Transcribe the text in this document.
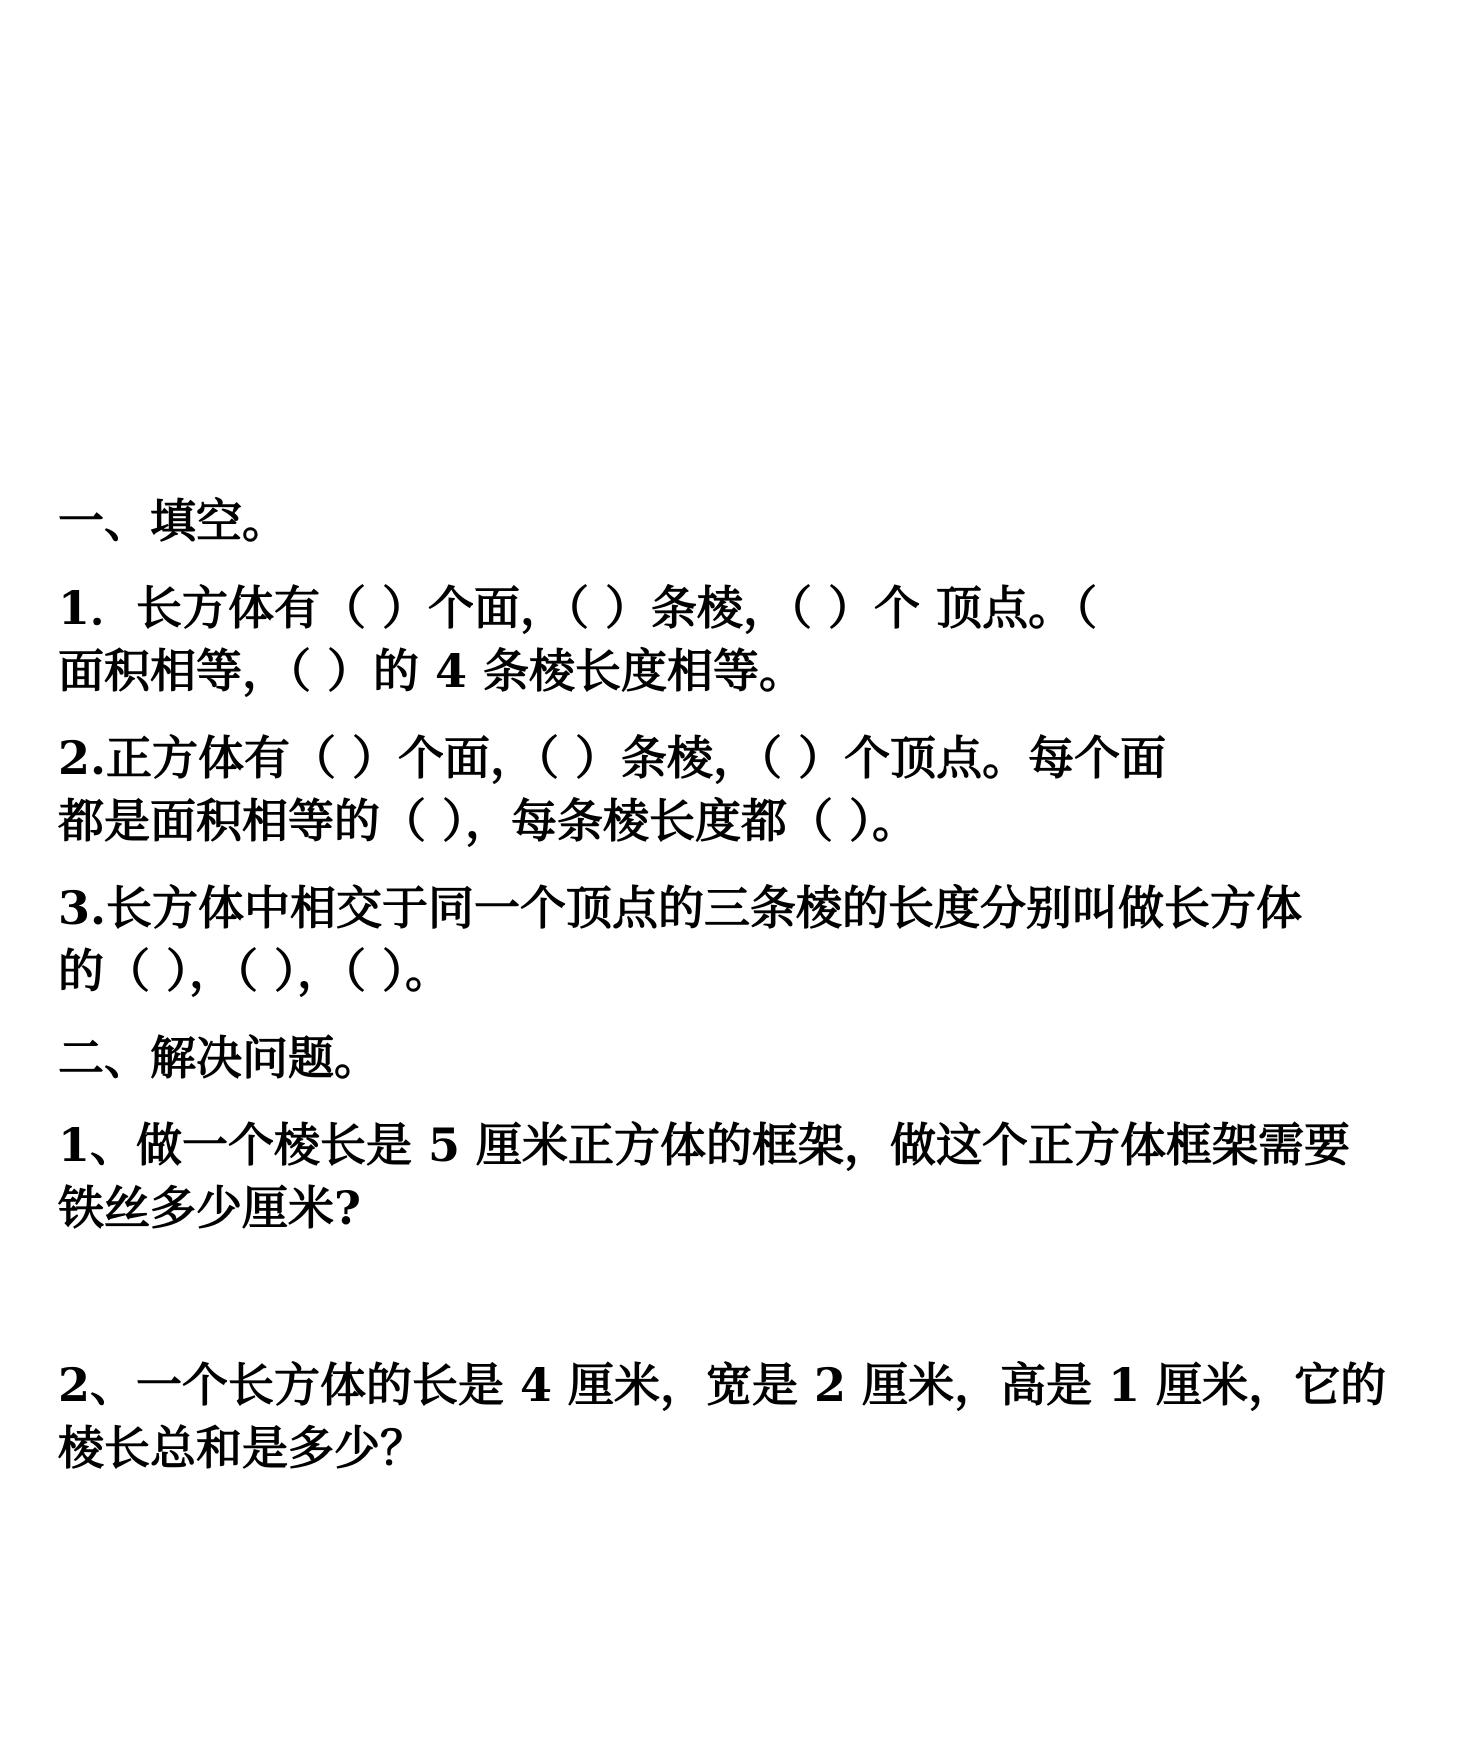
一、填空。

1．长方体有（ ）个面，（ ）条棱，（ ）个 顶点。（

面积相等，（ ）的 4 条棱长度相等。

2.正方体有（ ）个面，（ ）条棱，（ ）个顶点。每个面

都是面积相等的（ ），每条棱长度都（ ）。

3.长方体中相交于同一个顶点的三条棱的长度分别叫做长方体

的（ ），（ ），（ ）。

二、解决问题。

1、做一个棱长是 5 厘米正方体的框架，做这个正方体框架需要

铁丝多少厘米?

2、一个长方体的长是 4 厘米，宽是 2 厘米，高是 1 厘米，它的

棱长总和是多少？
